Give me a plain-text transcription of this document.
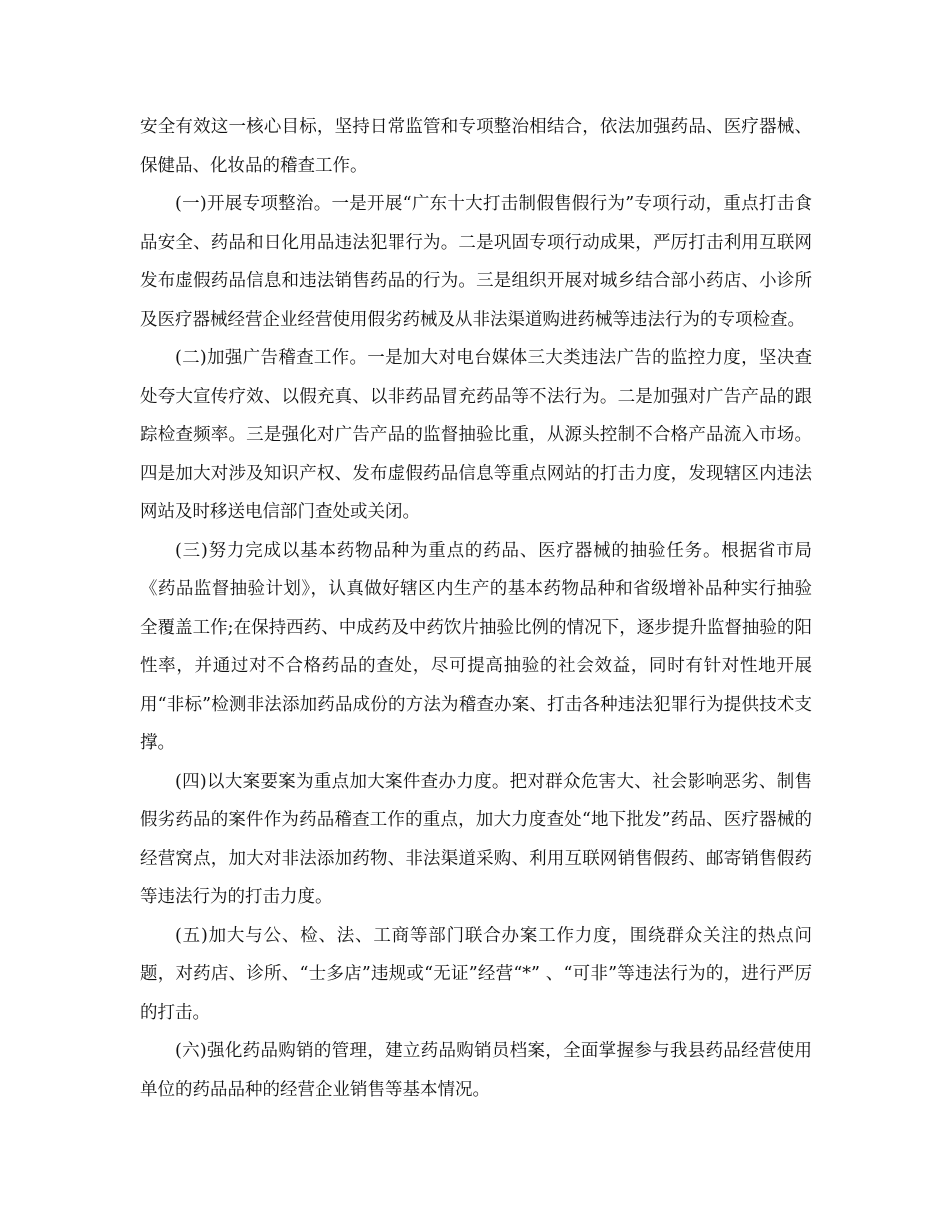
安全有效这一核心目标，坚持日常监管和专项整治相结合，依法加强药品、医疗器械、保健品、化妆品的稽查工作。

(一)开展专项整治。一是开展“广东十大打击制假售假行为”专项行动，重点打击食品安全、药品和日化用品违法犯罪行为。二是巩固专项行动成果，严厉打击利用互联网发布虚假药品信息和违法销售药品的行为。三是组织开展对城乡结合部小药店、小诊所及医疗器械经营企业经营使用假劣药械及从非法渠道购进药械等违法行为的专项检查。

(二)加强广告稽查工作。一是加大对电台媒体三大类违法广告的监控力度，坚决查处夸大宣传疗效、以假充真、以非药品冒充药品等不法行为。二是加强对广告产品的跟踪检查频率。三是强化对广告产品的监督抽验比重，从源头控制不合格产品流入市场。四是加大对涉及知识产权、发布虚假药品信息等重点网站的打击力度，发现辖区内违法网站及时移送电信部门查处或关闭。

(三)努力完成以基本药物品种为重点的药品、医疗器械的抽验任务。根据省市局《药品监督抽验计划》，认真做好辖区内生产的基本药物品种和省级增补品种实行抽验全覆盖工作;在保持西药、中成药及中药饮片抽验比例的情况下，逐步提升监督抽验的阳性率，并通过对不合格药品的查处，尽可提高抽验的社会效益，同时有针对性地开展用“非标”检测非法添加药品成份的方法为稽查办案、打击各种违法犯罪行为提供技术支撑。

(四)以大案要案为重点加大案件查办力度。把对群众危害大、社会影响恶劣、制售假劣药品的案件作为药品稽查工作的重点，加大力度查处“地下批发”药品、医疗器械的经营窝点，加大对非法添加药物、非法渠道采购、利用互联网销售假药、邮寄销售假药等违法行为的打击力度。

(五)加大与公、检、法、工商等部门联合办案工作力度，围绕群众关注的热点问题，对药店、诊所、“士多店”违规或“无证”经营“*” 、“可非”等违法行为的，进行严厉的打击。

(六)强化药品购销的管理，建立药品购销员档案，全面掌握参与我县药品经营使用单位的药品品种的经营企业销售等基本情况。
